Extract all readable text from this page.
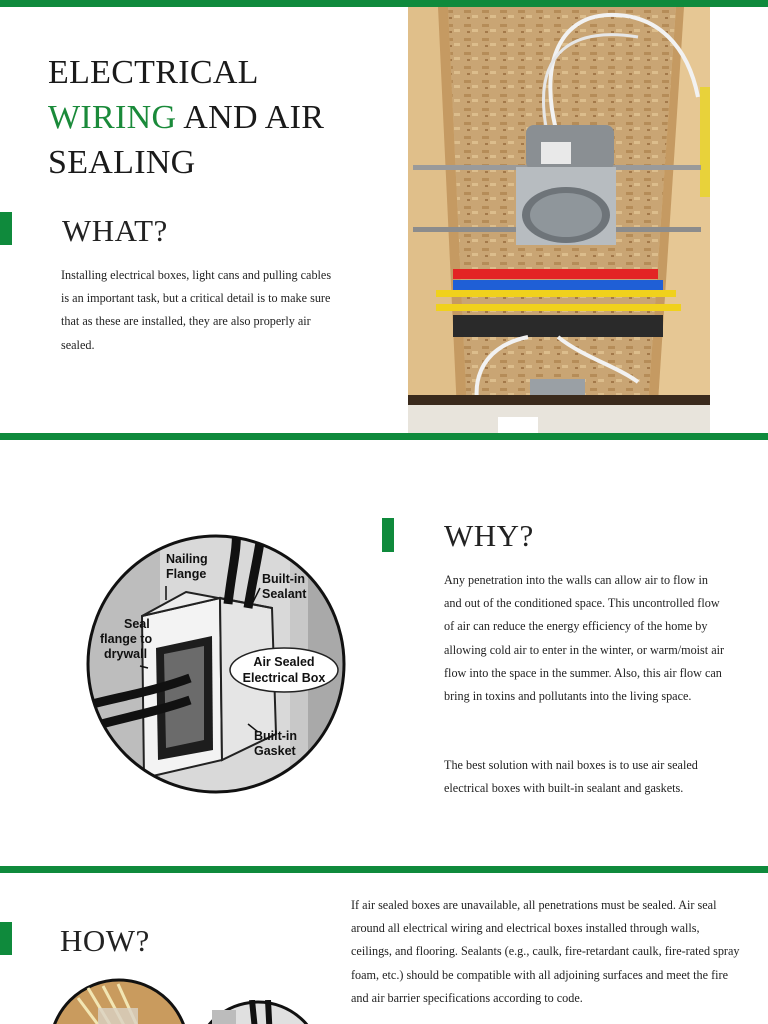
ELECTRICAL
WIRING AND AIR
SEALING
WHAT?

Installing electrical boxes, light cans and pulling cables is an important task, but a critical detail is to make sure that as these are installed, they are also properly air sealed.

Nailing
Flange	Built-in
Sealant
Seal
flange to
drywall
Air Sealed
Electrical Box
Built-in
Gasket
WHY?

Any penetration into the walls can allow air to flow in and out of the conditioned space. This uncontrolled flow of air can reduce the energy efficiency of the home by allowing cold air to enter in the winter, or warm/moist air flow into the space in the summer. Also, this air flow can bring in toxins and pollutants into the living space.

The best solution with nail boxes is to use air sealed electrical boxes with built-in sealant and gaskets.

HOW?

If air sealed boxes are unavailable, all penetrations must be sealed. Air seal around all electrical wiring and electrical boxes installed through walls, ceilings, and flooring. Sealants (e.g., caulk, fire-retardant caulk, fire-rated spray foam, etc.) should be compatible with all adjoining surfaces and meet the fire and air barrier specifications according to code.
